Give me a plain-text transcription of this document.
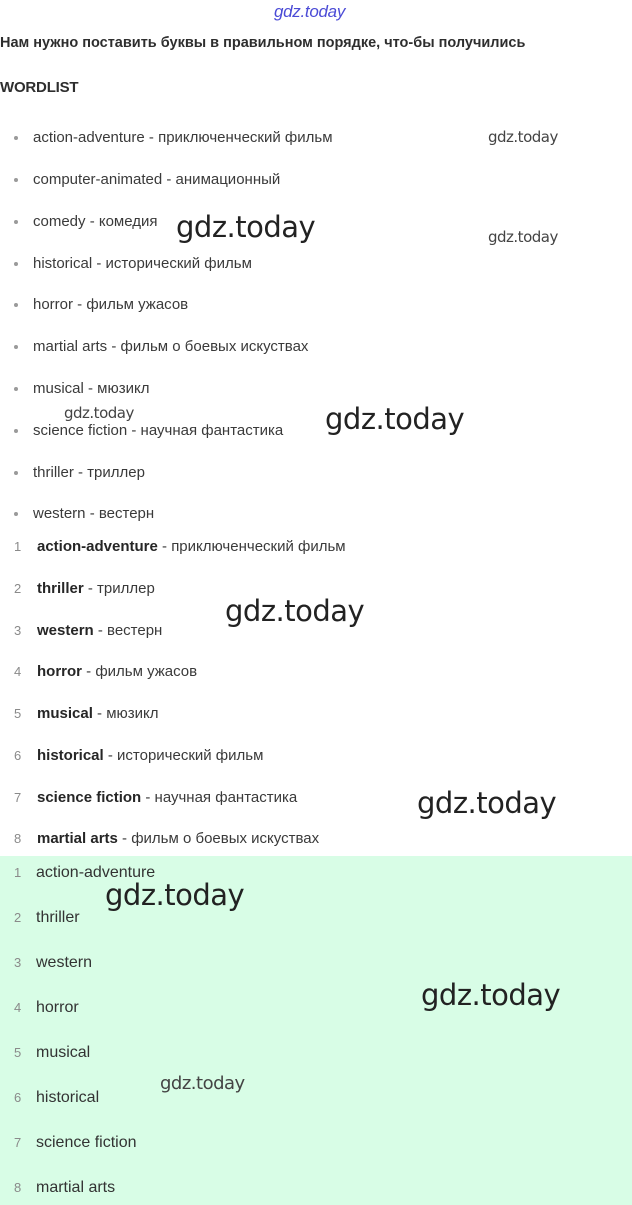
gdz.today
Нам нужно поставить буквы в правильном порядке, что-бы получились
WORDLIST
action-adventure - приключенческий фильм
computer-animated - анимационный
comedy - комедия
historical - исторический фильм
horror - фильм ужасов
martial arts - фильм о боевых искуствах
musical - мюзикл
science fiction - научная фантастика
thriller - триллер
western - вестерн
1 action-adventure - приключенческий фильм
2 thriller - триллер
3 western - вестерн
4 horror - фильм ужасов
5 musical - мюзикл
6 historical - исторический фильм
7 science fiction - научная фантастика
8 martial arts - фильм о боевых искуствах
1 action-adventure
2 thriller
3 western
4 horror
5 musical
6 historical
7 science fiction
8 martial arts
gdz.today
gdz.today	gdz.today
gdz.today	gdz.today
gdz.today
gdz.today
gdz.today
gdz.today
gdz.today
